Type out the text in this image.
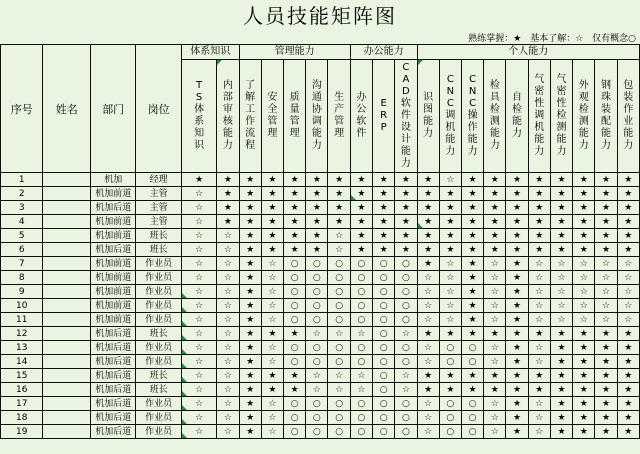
人员技能矩阵图
熟练掌握：★ 基本了解：☆ 仅有概念○
序号	姓名	部门	岗位	体系知识		管理能力					办公能力			个人能力									
				TS体系知识	内部审核能力	了解工作流程	安全管理	质量管理	沟通协调能力	生产管理	办公软件	ERP	CAD软件设计能力	识图能力	CNC调机能力	CNC操作能力	检具检测能力	自检能力	气密性调机能力	气密性检测能力	外观检测能力	钢珠装配能力	包装作业能力
1		机加	经理	★	★	★	★	★	★	★	★	★	★	★	☆	★	★	★	★	★	★	★	★
2		机加前道	主管	☆	★	★	★	★	★	★	★	★	★	★	★	★	★	★	★	★	★	★	★
3		机加后道	主管	☆	★	★	★	★	★	★	★	★	★	★	★	★	★	★	★	★	★	★	★
4		机加前道	主管	☆	★	★	★	★	★	★	★	★	★	★	★	★	★	★	★	★	★	★	★
5		机加前道	班长	☆	☆	★	★	★	★	☆	★	★	★	★	★	★	★	★	★	★	★	★	★
6		机加后道	班长	☆	☆	★	★	★	★	☆	★	★	★	★	★	★	★	★	★	★	★	★	★
7		机加前道	作业员	☆	☆	★	☆	○	○	○	○	○	○	★	☆	★	☆	★	☆	☆	☆	☆	☆
8		机加前道	作业员	☆	☆	★	☆	○	○	○	○	○	○	☆	☆	★	☆	★	☆	☆	☆	☆	☆
9		机加前道	作业员	☆	☆	★	☆	○	○	○	○	○	○	☆	☆	★	☆	★	☆	☆	☆	☆	☆
10		机加前道	作业员	☆	☆	★	☆	○	○	○	○	○	○	☆	☆	★	☆	★	☆	☆	☆	☆	☆
11		机加前道	作业员	☆	☆	★	☆	○	○	○	○	○	○	☆	☆	★	☆	★	☆	☆	☆	☆	☆
12		机加后道	班长	☆	☆	★	★	★	☆	☆	☆	○	☆	★	★	★	★	★	★	★	★	★	★
13		机加后道	作业员	☆	☆	★	☆	○	○	○	○	○	○	☆	○	○	☆	★	☆	★	★	★	★
14		机加后道	作业员	☆	☆	★	☆	○	○	○	○	○	○	☆	○	○	☆	★	☆	★	★	★	★
15		机加后道	班长	☆	☆	★	★	★	☆	☆	☆	○	☆	★	★	★	★	★	★	★	★	★	★
16		机加后道	班长	☆	☆	★	★	★	☆	☆	☆	○	☆	★	★	★	★	★	★	★	★	★	★
17		机加后道	作业员	☆	☆	★	☆	○	○	○	○	○	○	☆	○	○	☆	★	☆	★	★	★	★
18		机加后道	作业员	☆	☆	★	☆	○	○	○	○	○	○	☆	○	○	☆	★	☆	★	★	★	★
19		机加后道	作业员	☆	☆	★	☆	○	○	○	○	○	○	☆	○	○	☆	★	☆	★	★	★	★
